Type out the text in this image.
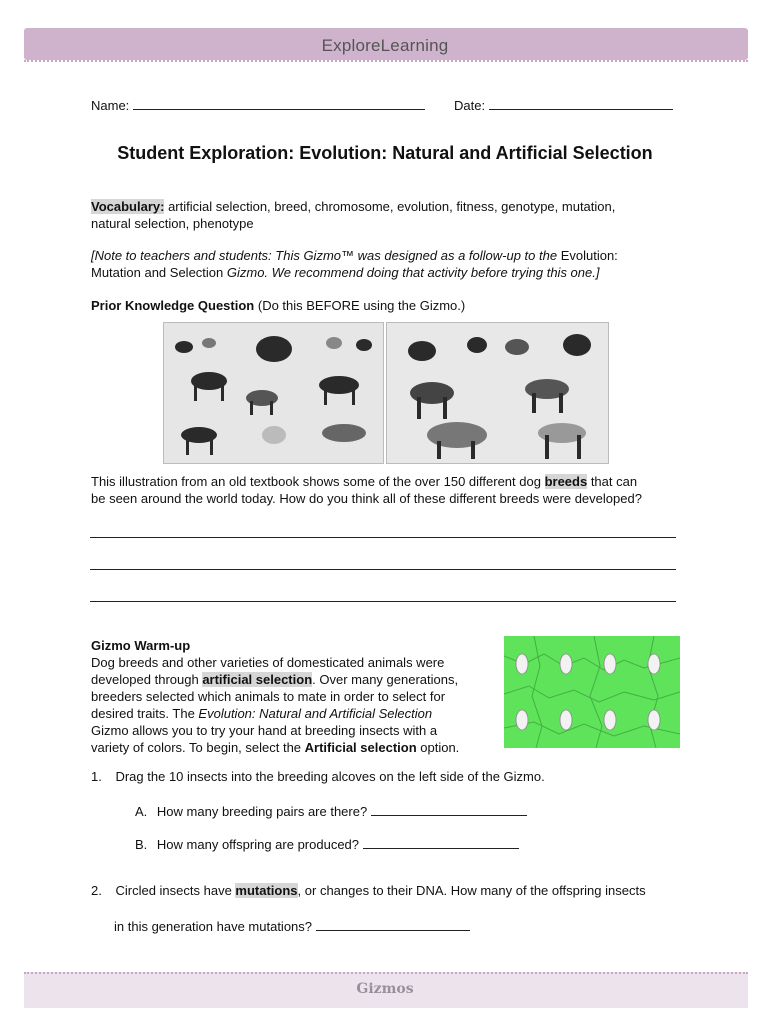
ExploreLearning
Name:	Date:
Student Exploration: Evolution: Natural and Artificial Selection
Vocabulary: artificial selection, breed, chromosome, evolution, fitness, genotype, mutation,
natural selection, phenotype
[Note to teachers and students: This Gizmo™ was designed as a follow-up to the Evolution:
Mutation and Selection Gizmo. We recommend doing that activity before trying this one.]
Prior Knowledge Question (Do this BEFORE using the Gizmo.)
This illustration from an old textbook shows some of the over 150 different dog breeds that can
be seen around the world today. How do you think all of these different breeds were developed?
Gizmo Warm-up
Dog breeds and other varieties of domesticated animals were
developed through artificial selection. Over many generations,
breeders selected which animals to mate in order to select for
desired traits. The Evolution: Natural and Artificial Selection
Gizmo allows you to try your hand at breeding insects with a
variety of colors. To begin, select the Artificial selection option.
1. Drag the 10 insects into the breeding alcoves on the left side of the Gizmo.
A. How many breeding pairs are there?
B. How many offspring are produced?
2. Circled insects have mutations, or changes to their DNA. How many of the offspring insects
in this generation have mutations?
Gizmos
